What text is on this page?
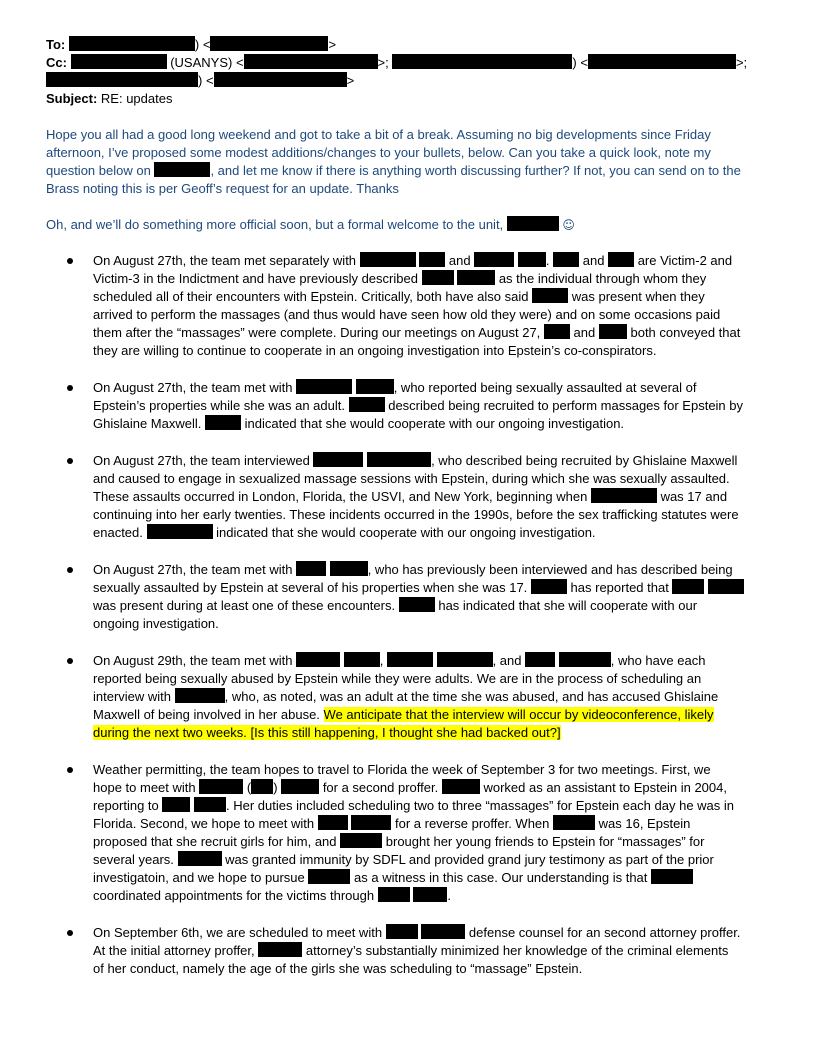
To:	) <	>
Cc:	(USANYS) <	>;	) <	>;
) <	>
Subject: RE: updates
Hope you all had a good long weekend and got to take a bit of a break. Assuming no big developments since Friday
afternoon, I’ve proposed some modest additions/changes to your bullets, below. Can you take a quick look, note my
question below on	, and let me know if there is anything worth discussing further? If not, you can send on to the
Brass noting this is per Geoff’s request for an update. Thanks
Oh, and we’ll do something more official soon, but a formal welcome to the unit,	☺
On August 27th, the team met separately with	and	.	and	are Victim-2 and
Victim-3 in the Indictment and have previously described	as the individual through whom they
scheduled all of their encounters with Epstein. Critically, both have also said	was present when they
arrived to perform the massages (and thus would have seen how old they were) and on some occasions paid
them after the “massages” were complete. During our meetings on August 27,	and	both conveyed that
they are willing to continue to cooperate in an ongoing investigation into Epstein’s co-conspirators.
On August 27th, the team met with	, who reported being sexually assaulted at several of
Epstein’s properties while she was an adult.	described being recruited to perform massages for Epstein by
Ghislaine Maxwell.	indicated that she would cooperate with our ongoing investigation.
On August 27th, the team interviewed	, who described being recruited by Ghislaine Maxwell
and caused to engage in sexualized massage sessions with Epstein, during which she was sexually assaulted.
These assaults occurred in London, Florida, the USVI, and New York, beginning when	was 17 and
continuing into her early twenties. These incidents occurred in the 1990s, before the sex trafficking statutes were
enacted.	indicated that she would cooperate with our ongoing investigation.
On August 27th, the team met with	, who has previously been interviewed and has described being
sexually assaulted by Epstein at several of his properties when she was 17.	has reported that
was present during at least one of these encounters.	has indicated that she will cooperate with our
ongoing investigation.
On August 29th, the team met with	,	, and	, who have each
reported being sexually abused by Epstein while they were adults. We are in the process of scheduling an
interview with	, who, as noted, was an adult at the time she was abused, and has accused Ghislaine
Maxwell of being involved in her abuse. We anticipate that the interview will occur by videoconference, likely
during the next two weeks. [Is this still happening, I thought she had backed out?]
Weather permitting, the team hopes to travel to Florida the week of September 3 for two meetings. First, we
hope to meet with	( )	for a second proffer.	worked as an assistant to Epstein in 2004,
reporting to	. Her duties included scheduling two to three “massages” for Epstein each day he was in
Florida. Second, we hope to meet with	for a reverse proffer. When	was 16, Epstein
proposed that she recruit girls for him, and	brought her young friends to Epstein for “massages” for
several years.	was granted immunity by SDFL and provided grand jury testimony as part of the prior
investigatoin, and we hope to pursue	as a witness in this case. Our understanding is that
coordinated appointments for the victims through	.
On September 6th, we are scheduled to meet with	defense counsel for an second attorney proffer.
At the initial attorney proffer,	attorney’s substantially minimized her knowledge of the criminal elements
of her conduct, namely the age of the girls she was scheduling to “massage” Epstein.
